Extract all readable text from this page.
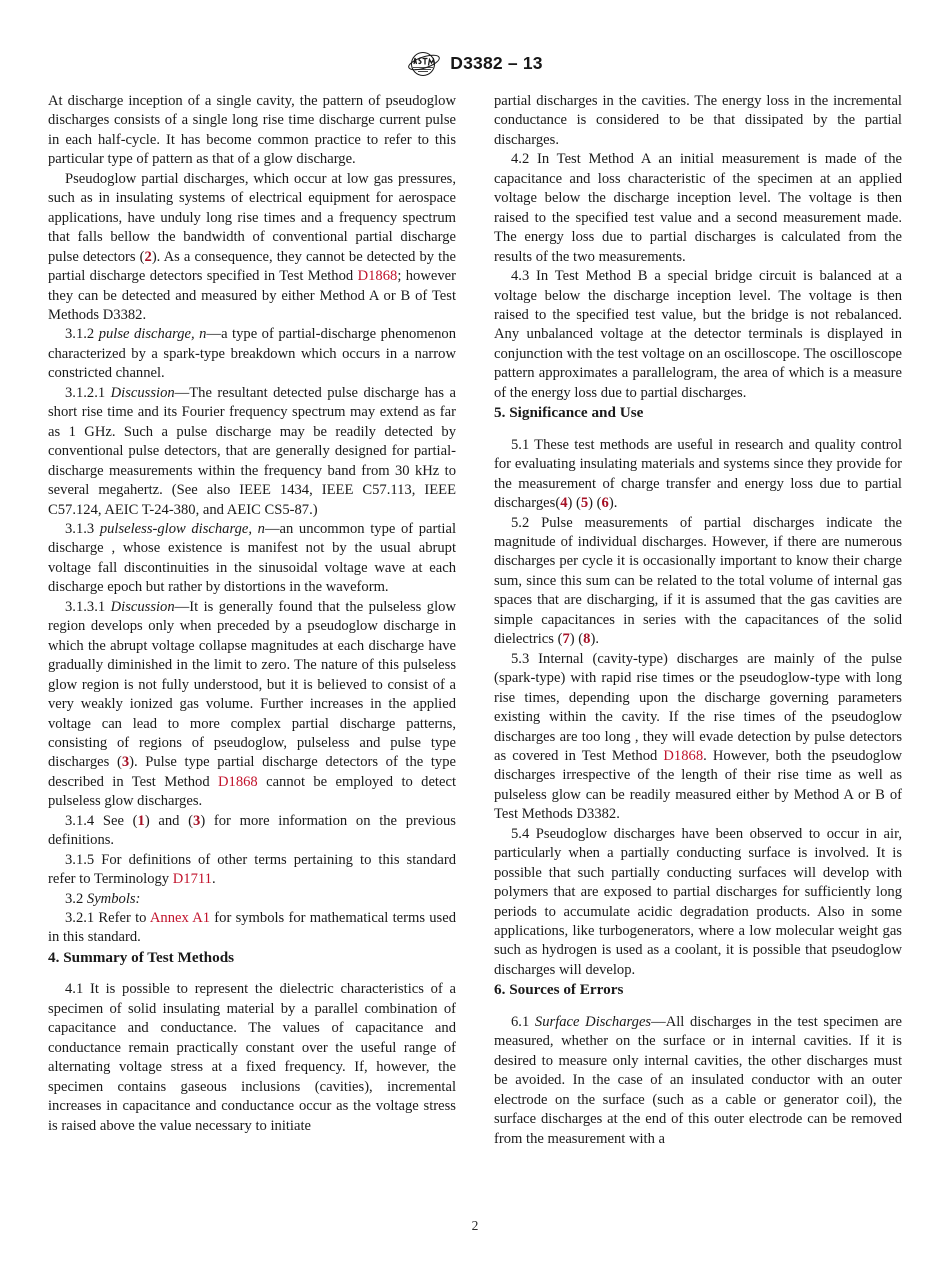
D3382 – 13

At discharge inception of a single cavity, the pattern of pseudoglow discharges consists of a single long rise time discharge current pulse in each half-cycle. It has become common practice to refer to this particular type of pattern as that of a glow discharge.

Pseudoglow partial discharges, which occur at low gas pressures, such as in insulating systems of electrical equipment for aerospace applications, have unduly long rise times and a frequency spectrum that falls bellow the bandwidth of conventional partial discharge pulse detectors (2). As a consequence, they cannot be detected by the partial discharge detectors specified in Test Method D1868; however they can be detected and measured by either Method A or B of Test Methods D3382.

3.1.2 pulse discharge, n—a type of partial-discharge phenomenon characterized by a spark-type breakdown which occurs in a narrow constricted channel.

3.1.2.1 Discussion—The resultant detected pulse discharge has a short rise time and its Fourier frequency spectrum may extend as far as 1 GHz. Such a pulse discharge may be readily detected by conventional pulse detectors, that are generally designed for partial-discharge measurements within the frequency band from 30 kHz to several megahertz. (See also IEEE 1434, IEEE C57.113, IEEE C57.124, AEIC T-24-380, and AEIC CS5-87.)

3.1.3 pulseless-glow discharge, n—an uncommon type of partial discharge , whose existence is manifest not by the usual abrupt voltage fall discontinuities in the sinusoidal voltage wave at each discharge epoch but rather by distortions in the waveform.

3.1.3.1 Discussion—It is generally found that the pulseless glow region develops only when preceded by a pseudoglow discharge in which the abrupt voltage collapse magnitudes at each discharge have gradually diminished in the limit to zero. The nature of this pulseless glow region is not fully understood, but it is believed to consist of a very weakly ionized gas volume. Further increases in the applied voltage can lead to more complex partial discharge patterns, consisting of regions of pseudoglow, pulseless and pulse type discharges (3). Pulse type partial discharge detectors of the type described in Test Method D1868 cannot be employed to detect pulseless glow discharges.

3.1.4 See (1) and (3) for more information on the previous definitions.

3.1.5 For definitions of other terms pertaining to this standard refer to Terminology D1711.

3.2 Symbols:

3.2.1 Refer to Annex A1 for symbols for mathematical terms used in this standard.

4. Summary of Test Methods

4.1 It is possible to represent the dielectric characteristics of a specimen of solid insulating material by a parallel combination of capacitance and conductance. The values of capacitance and conductance remain practically constant over the useful range of alternating voltage stress at a fixed frequency. If, however, the specimen contains gaseous inclusions (cavities), incremental increases in capacitance and conductance occur as the voltage stress is raised above the value necessary to initiate

partial discharges in the cavities. The energy loss in the incremental conductance is considered to be that dissipated by the partial discharges.

4.2 In Test Method A an initial measurement is made of the capacitance and loss characteristic of the specimen at an applied voltage below the discharge inception level. The voltage is then raised to the specified test value and a second measurement made. The energy loss due to partial discharges is calculated from the results of the two measurements.

4.3 In Test Method B a special bridge circuit is balanced at a voltage below the discharge inception level. The voltage is then raised to the specified test value, but the bridge is not rebalanced. Any unbalanced voltage at the detector terminals is displayed in conjunction with the test voltage on an oscilloscope. The oscilloscope pattern approximates a parallelogram, the area of which is a measure of the energy loss due to partial discharges.

5. Significance and Use

5.1 These test methods are useful in research and quality control for evaluating insulating materials and systems since they provide for the measurement of charge transfer and energy loss due to partial discharges(4) (5) (6).

5.2 Pulse measurements of partial discharges indicate the magnitude of individual discharges. However, if there are numerous discharges per cycle it is occasionally important to know their charge sum, since this sum can be related to the total volume of internal gas spaces that are discharging, if it is assumed that the gas cavities are simple capacitances in series with the capacitances of the solid dielectrics (7) (8).

5.3 Internal (cavity-type) discharges are mainly of the pulse (spark-type) with rapid rise times or the pseudoglow-type with long rise times, depending upon the discharge governing parameters existing within the cavity. If the rise times of the pseudoglow discharges are too long , they will evade detection by pulse detectors as covered in Test Method D1868. However, both the pseudoglow discharges irrespective of the length of their rise time as well as pulseless glow can be readily measured either by Method A or B of Test Methods D3382.

5.4 Pseudoglow discharges have been observed to occur in air, particularly when a partially conducting surface is involved. It is possible that such partially conducting surfaces will develop with polymers that are exposed to partial discharges for sufficiently long periods to accumulate acidic degradation products. Also in some applications, like turbogenerators, where a low molecular weight gas such as hydrogen is used as a coolant, it is possible that pseudoglow discharges will develop.

6. Sources of Errors

6.1 Surface Discharges—All discharges in the test specimen are measured, whether on the surface or in internal cavities. If it is desired to measure only internal cavities, the other discharges must be avoided. In the case of an insulated conductor with an outer electrode on the surface (such as a cable or generator coil), the surface discharges at the end of this outer electrode can be removed from the measurement with a

2
